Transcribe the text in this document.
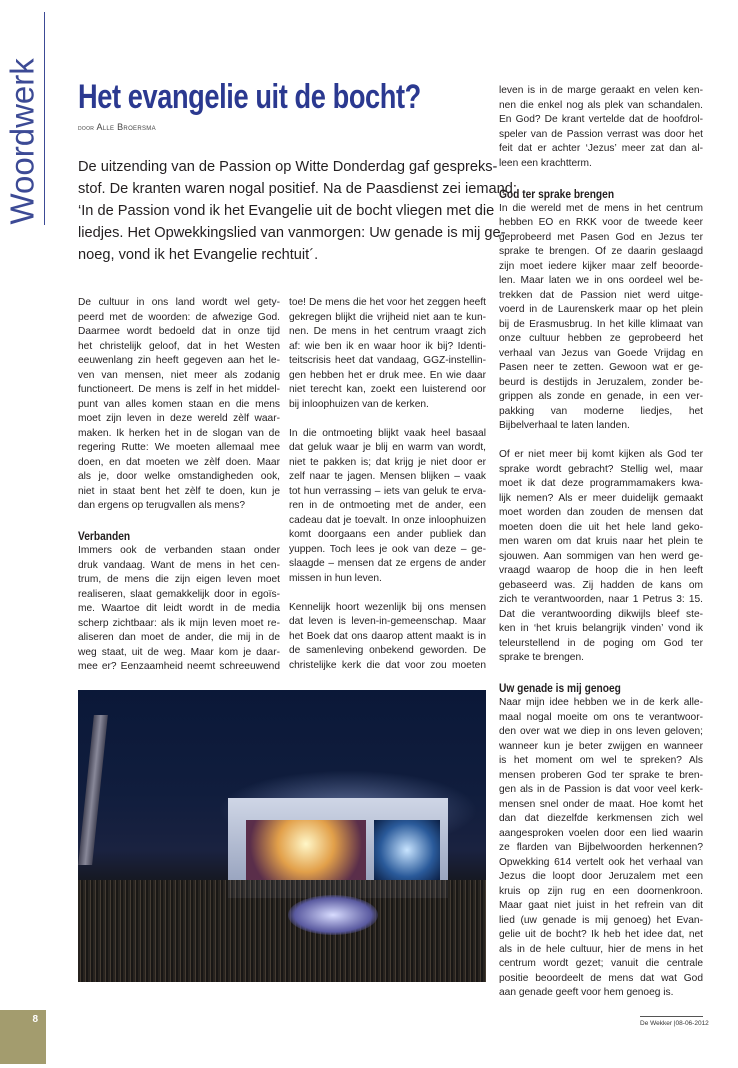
Woordwerk Het evangelie uit de bocht?
door Alle Broersma
De uitzending van de Passion op Witte Donderdag gaf gespreks-
stof. De kranten waren nogal positief. Na de Paasdienst zei iemand:
‘In de Passion vond ik het Evangelie uit de bocht vliegen met die
liedjes. Het Opwekkingslied van vanmorgen: Uw genade is mij ge-
noeg, vond ik het Evangelie rechtuit´.
De cultuur in ons land wordt wel gety-
peerd met de woorden: de afwezige God.
Daarmee wordt bedoeld dat in onze tijd
het christelijk geloof, dat in het Westen
eeuwenlang zin heeft gegeven aan het le-
ven van mensen, niet meer als zodanig
functioneert. De mens is zelf in het middel-
punt van alles komen staan en die mens
moet zijn leven in deze wereld zèlf waar-
maken. Ik herken het in de slogan van de
regering Rutte: We moeten allemaal mee
doen, en dat moeten we zèlf doen. Maar
als je, door welke omstandigheden ook,
niet in staat bent het zèlf te doen, kun je
dan ergens op terugvallen als mens?
Verbanden
Immers ook de verbanden staan onder
druk vandaag. Want de mens in het cen-
trum, de mens die zijn eigen leven moet
realiseren, slaat gemakkelijk door in egoïs-
me. Waartoe dit leidt wordt in de media
scherp zichtbaar: als ik mijn leven moet re-
aliseren dan moet de ander, die mij in de
weg staat, uit de weg. Maar kom je daar-
mee er? Eenzaamheid neemt schreeuwend
toe! De mens die het voor het zeggen heeft
gekregen blijkt die vrijheid niet aan te kun-
nen. De mens in het centrum vraagt zich
af: wie ben ik en waar hoor ik bij? Identi-
teitscrisis heet dat vandaag, GGZ-instellin-
gen hebben het er druk mee. En wie daar
niet terecht kan, zoekt een luisterend oor
bij inloophuizen van de kerken.
In die ontmoeting blijkt vaak heel basaal
dat geluk waar je blij en warm van wordt,
niet te pakken is; dat krijg je niet door er
zelf naar te jagen. Mensen blijken – vaak
tot hun verrassing – iets van geluk te erva-
ren in de ontmoeting met de ander, een
cadeau dat je toevalt. In onze inloophuizen
komt doorgaans een ander publiek dan
yuppen. Toch lees je ook van deze – ge-
slaagde – mensen dat ze ergens de ander
missen in hun leven.
Kennelijk hoort wezenlijk bij ons mensen
dat leven is leven-in-gemeenschap. Maar
het Boek dat ons daarop attent maakt is in
de samenleving onbekend geworden. De
christelijke kerk die dat voor zou moeten
leven is in de marge geraakt en velen ken-
nen die enkel nog als plek van schandalen.
En God? De krant vertelde dat de hoofdrol-
speler van de Passion verrast was door het
feit dat er achter ‘Jezus’ meer zat dan al-
leen een krachtterm.
God ter sprake brengen
In die wereld met de mens in het centrum
hebben EO en RKK voor de tweede keer
geprobeerd met Pasen God en Jezus ter
sprake te brengen. Of ze daarin geslaagd
zijn moet iedere kijker maar zelf beoorde-
len. Maar laten we in ons oordeel wel be-
trekken dat de Passion niet werd uitge-
voerd in de Laurenskerk maar op het plein
bij de Erasmusbrug. In het kille klimaat van
onze cultuur hebben ze geprobeerd het
verhaal van Jezus van Goede Vrijdag en
Pasen neer te zetten. Gewoon wat er ge-
beurd is destijds in Jeruzalem, zonder be-
grippen als zonde en genade, in een ver-
pakking van moderne liedjes, het
Bijbelverhaal te laten landen.
Of er niet meer bij komt kijken als God ter
sprake wordt gebracht? Stellig wel, maar
moet ik dat deze programmamakers kwa-
lijk nemen? Als er meer duidelijk gemaakt
moet worden dan zouden de mensen dat
moeten doen die uit het hele land geko-
men waren om dat kruis naar het plein te
sjouwen. Aan sommigen van hen werd ge-
vraagd waarop de hoop die in hen leeft
gebaseerd was. Zij hadden de kans om
zich te verantwoorden, naar 1 Petrus 3: 15.
Dat die verantwoording dikwijls bleef ste-
ken in ‘het kruis belangrijk vinden’ vond ik
teleurstellend in de poging om God ter
sprake te brengen.
Uw genade is mij genoeg
Naar mijn idee hebben we in de kerk alle-
maal nogal moeite om ons te verantwoor-
den over wat we diep in ons leven geloven;
wanneer kun je beter zwijgen en wanneer
is het moment om wel te spreken? Als
mensen proberen God ter sprake te bren-
gen als in de Passion is dat voor veel kerk-
mensen snel onder de maat. Hoe komt het
dan dat diezelfde kerkmensen zich wel
aangesproken voelen door een lied waarin
ze flarden van Bijbelwoorden herkennen?
Opwekking 614 vertelt ook het verhaal van
Jezus die loopt door Jeruzalem met een
kruis op zijn rug en een doornenkroon.
Maar gaat niet juist in het refrein van dit
lied (uw genade is mij genoeg) het Evan-
gelie uit de bocht? Ik heb het idee dat, net
als in de hele cultuur, hier de mens in het
centrum wordt gezet; vanuit die centrale
positie beoordeelt de mens dat wat God
aan genade geeft voor hem genoeg is.
8	De Wekker |08-06-2012
